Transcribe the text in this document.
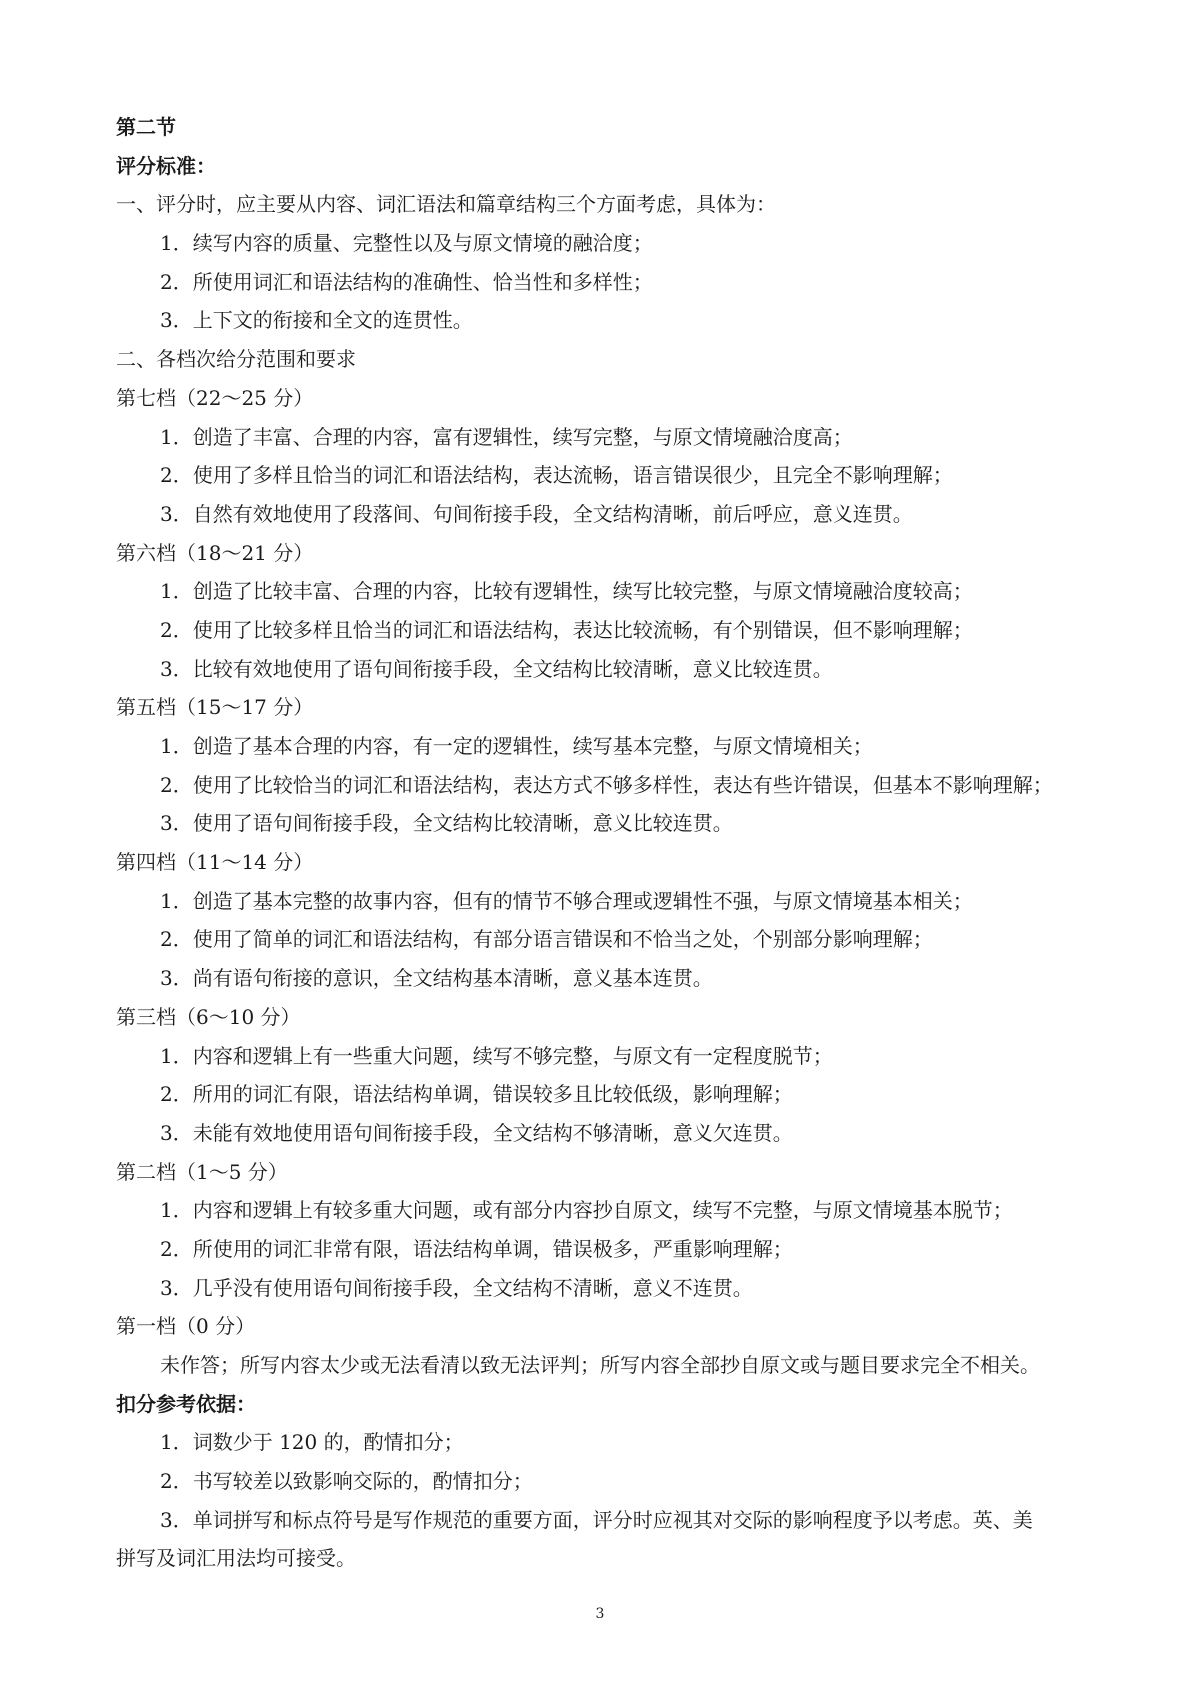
第二节
评分标准：
一、评分时，应主要从内容、词汇语法和篇章结构三个方面考虑，具体为：
1．续写内容的质量、完整性以及与原文情境的融洽度；
2．所使用词汇和语法结构的准确性、恰当性和多样性；
3．上下文的衔接和全文的连贯性。
二、各档次给分范围和要求
第七档（22～25 分）
1．创造了丰富、合理的内容，富有逻辑性，续写完整，与原文情境融洽度高；
2．使用了多样且恰当的词汇和语法结构，表达流畅，语言错误很少，且完全不影响理解；
3．自然有效地使用了段落间、句间衔接手段，全文结构清晰，前后呼应，意义连贯。
第六档（18～21 分）
1．创造了比较丰富、合理的内容，比较有逻辑性，续写比较完整，与原文情境融洽度较高；
2．使用了比较多样且恰当的词汇和语法结构，表达比较流畅，有个别错误，但不影响理解；
3．比较有效地使用了语句间衔接手段，全文结构比较清晰，意义比较连贯。
第五档（15～17 分）
1．创造了基本合理的内容，有一定的逻辑性，续写基本完整，与原文情境相关；
2．使用了比较恰当的词汇和语法结构，表达方式不够多样性，表达有些许错误，但基本不影响理解；
3．使用了语句间衔接手段，全文结构比较清晰，意义比较连贯。
第四档（11～14 分）
1．创造了基本完整的故事内容，但有的情节不够合理或逻辑性不强，与原文情境基本相关；
2．使用了简单的词汇和语法结构，有部分语言错误和不恰当之处，个别部分影响理解；
3．尚有语句衔接的意识，全文结构基本清晰，意义基本连贯。
第三档（6～10 分）
1．内容和逻辑上有一些重大问题，续写不够完整，与原文有一定程度脱节；
2．所用的词汇有限，语法结构单调，错误较多且比较低级，影响理解；
3．未能有效地使用语句间衔接手段，全文结构不够清晰，意义欠连贯。
第二档（1～5 分）
1．内容和逻辑上有较多重大问题，或有部分内容抄自原文，续写不完整，与原文情境基本脱节；
2．所使用的词汇非常有限，语法结构单调，错误极多，严重影响理解；
3．几乎没有使用语句间衔接手段，全文结构不清晰，意义不连贯。
第一档（0 分）
未作答；所写内容太少或无法看清以致无法评判；所写内容全部抄自原文或与题目要求完全不相关。
扣分参考依据：
1．词数少于 120 的，酌情扣分；
2．书写较差以致影响交际的，酌情扣分；
3．单词拼写和标点符号是写作规范的重要方面，评分时应视其对交际的影响程度予以考虑。英、美
拼写及词汇用法均可接受。
3
